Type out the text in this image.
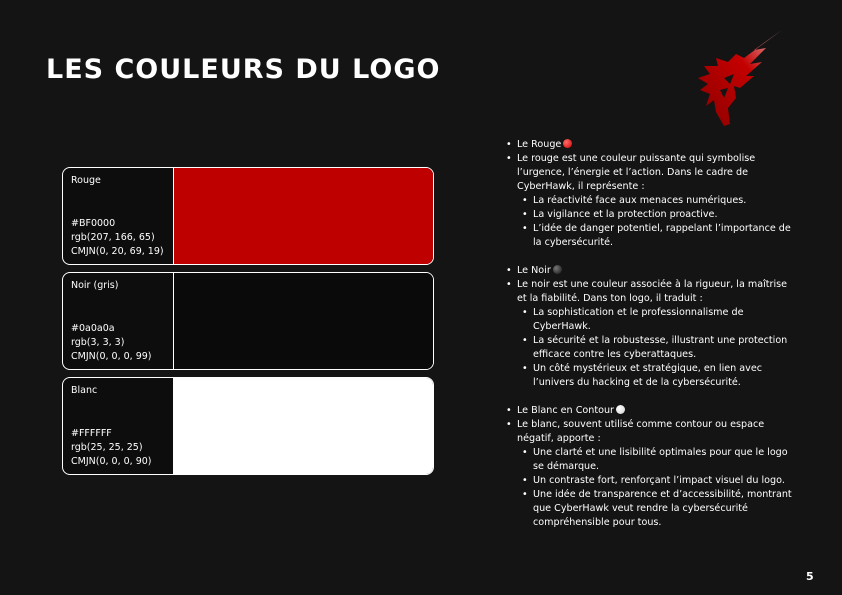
LES COULEURS DU LOGO
Rouge
#BF0000
rgb(207, 166, 65)
CMJN(0, 20, 69, 19)
Noir (gris)
#0a0a0a
rgb(3, 3, 3)
CMJN(0, 0, 0, 99)
Blanc
#FFFFFF
rgb(25, 25, 25)
CMJN(0, 0, 0, 90)
• Le Rouge
• Le rouge est une couleur puissante qui symbolise l’urgence, l’énergie et l’action. Dans le cadre de CyberHawk, il représente :
• La réactivité face aux menaces numériques.
• La vigilance et la protection proactive.
• L’idée de danger potentiel, rappelant l’importance de la cybersécurité.
• Le Noir
• Le noir est une couleur associée à la rigueur, la maîtrise et la fiabilité. Dans ton logo, il traduit :
• La sophistication et le professionnalisme de CyberHawk.
• La sécurité et la robustesse, illustrant une protection efficace contre les cyberattaques.
• Un côté mystérieux et stratégique, en lien avec l’univers du hacking et de la cybersécurité.
• Le Blanc en Contour
• Le blanc, souvent utilisé comme contour ou espace négatif, apporte :
• Une clarté et une lisibilité optimales pour que le logo se démarque.
• Un contraste fort, renforçant l’impact visuel du logo.
• Une idée de transparence et d’accessibilité, montrant que CyberHawk veut rendre la cybersécurité compréhensible pour tous.
5
